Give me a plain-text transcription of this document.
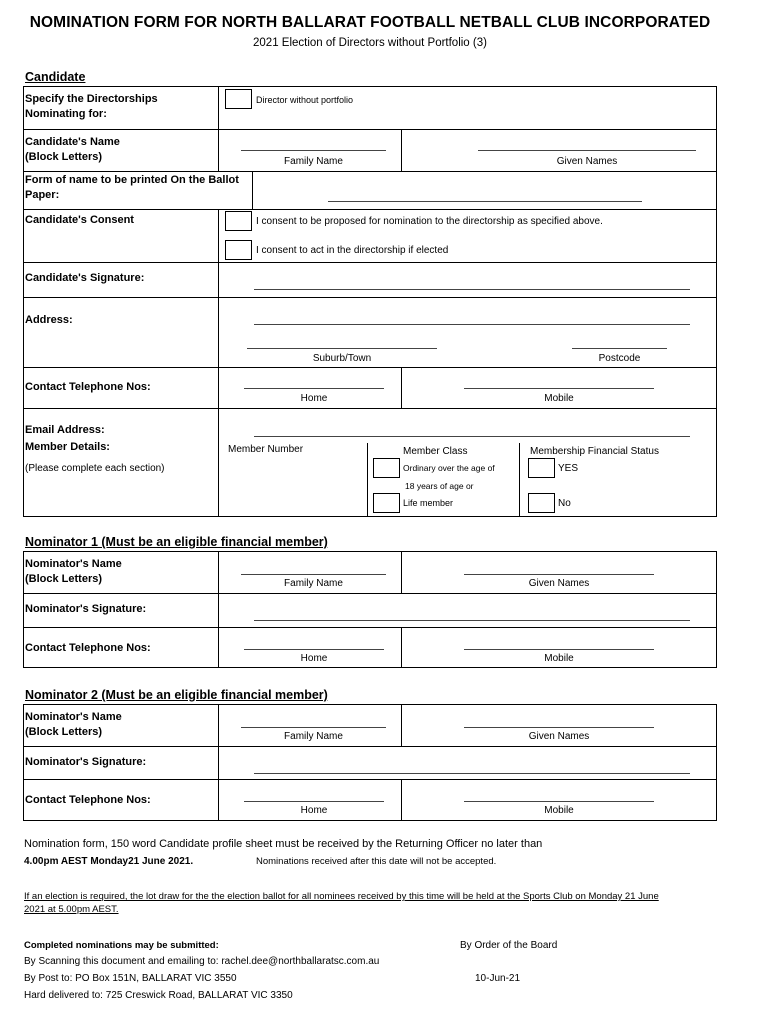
NOMINATION FORM FOR NORTH BALLARAT FOOTBALL NETBALL CLUB INCORPORATED
2021 Election of Directors without Portfolio (3)
Candidate
Specify the Directorships
Nominating for:
Director without portfolio
Candidate's Name
(Block Letters)	Family Name	Given Names
Form of name to be printed On the Ballot
Paper:
Candidate's Consent	I consent to be proposed for nomination to the directorship as specified above.
I consent to act in the directorship if elected
Candidate's Signature:
Address:
Suburb/Town	Postcode
Contact Telephone Nos:
Home	Mobile
Email Address:
Member Details:
(Please complete each section)
Member Number	Member Class
Ordinary over the age of
18 years of age or
Life member
Membership Financial Status
YES
No
Nominator 1 (Must be an eligible financial member)
Nominator's Name
(Block Letters)	Family Name	Given Names
Nominator's Signature:
Contact Telephone Nos:
Home	Mobile
Nominator 2 (Must be an eligible financial member)
Nominator's Name
(Block Letters)	Family Name	Given Names
Nominator's Signature:
Contact Telephone Nos:
Home	Mobile
Nomination form, 150 word Candidate profile sheet must be received by the Returning Officer no later than
4.00pm AEST Monday21 June 2021.	Nominations received after this date will not be accepted.
If an election is required, the lot draw for the the election ballot for all nominees received by this time will be held at the Sports Club on Monday 21 June
2021 at 5.00pm AEST.
Completed nominations may be submitted:	By Order of the Board
By Scanning this document and emailing to: rachel.dee@northballaratsc.com.au
By Post to: PO Box 151N, BALLARAT VIC 3550	10-Jun-21
Hard delivered to: 725 Creswick Road, BALLARAT VIC 3350
